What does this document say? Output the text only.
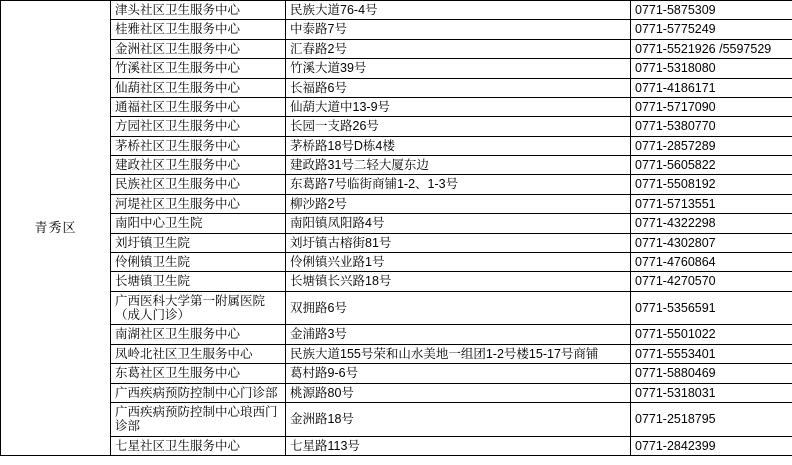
青秀区	津头社区卫生服务中心	民族大道76-4号	0771-5875309
	桂雅社区卫生服务中心	中泰路7号	0771-5775249
	金洲社区卫生服务中心	汇春路2号	0771-5521926 /5597529
	竹溪社区卫生服务中心	竹溪大道39号	0771-5318080
	仙葫社区卫生服务中心	长福路6号	0771-4186171
	通福社区卫生服务中心	仙葫大道中13-9号	0771-5717090
	方园社区卫生服务中心	长园一支路26号	0771-5380770
	茅桥社区卫生服务中心	茅桥路18号D栋4楼	0771-2857289
	建政社区卫生服务中心	建政路31号二轻大厦东边	0771-5605822
	民族社区卫生服务中心	东葛路7号临街商铺1-2、1-3号	0771-5508192
	河堤社区卫生服务中心	柳沙路2号	0771-5713551
	南阳中心卫生院	南阳镇凤阳路4号	0771-4322298
	刘圩镇卫生院	刘圩镇古榕街81号	0771-4302807
	伶俐镇卫生院	伶俐镇兴业路1号	0771-4760864
	长塘镇卫生院	长塘镇长兴路18号	0771-4270570
	广西医科大学第一附属医院（成人门诊）	双拥路6号	0771-5356591
	南湖社区卫生服务中心	金浦路3号	0771-5501022
	凤岭北社区卫生服务中心	民族大道155号荣和山水美地一组团1-2号楼15-17号商铺	0771-5553401
	东葛社区卫生服务中心	葛村路9-6号	0771-5880469
	广西疾病预防控制中心门诊部	桃源路80号	0771-5318031
	广西疾病预防控制中心琅西门诊部	金洲路18号	0771-2518795
	七星社区卫生服务中心	七星路113号	0771-2842399
